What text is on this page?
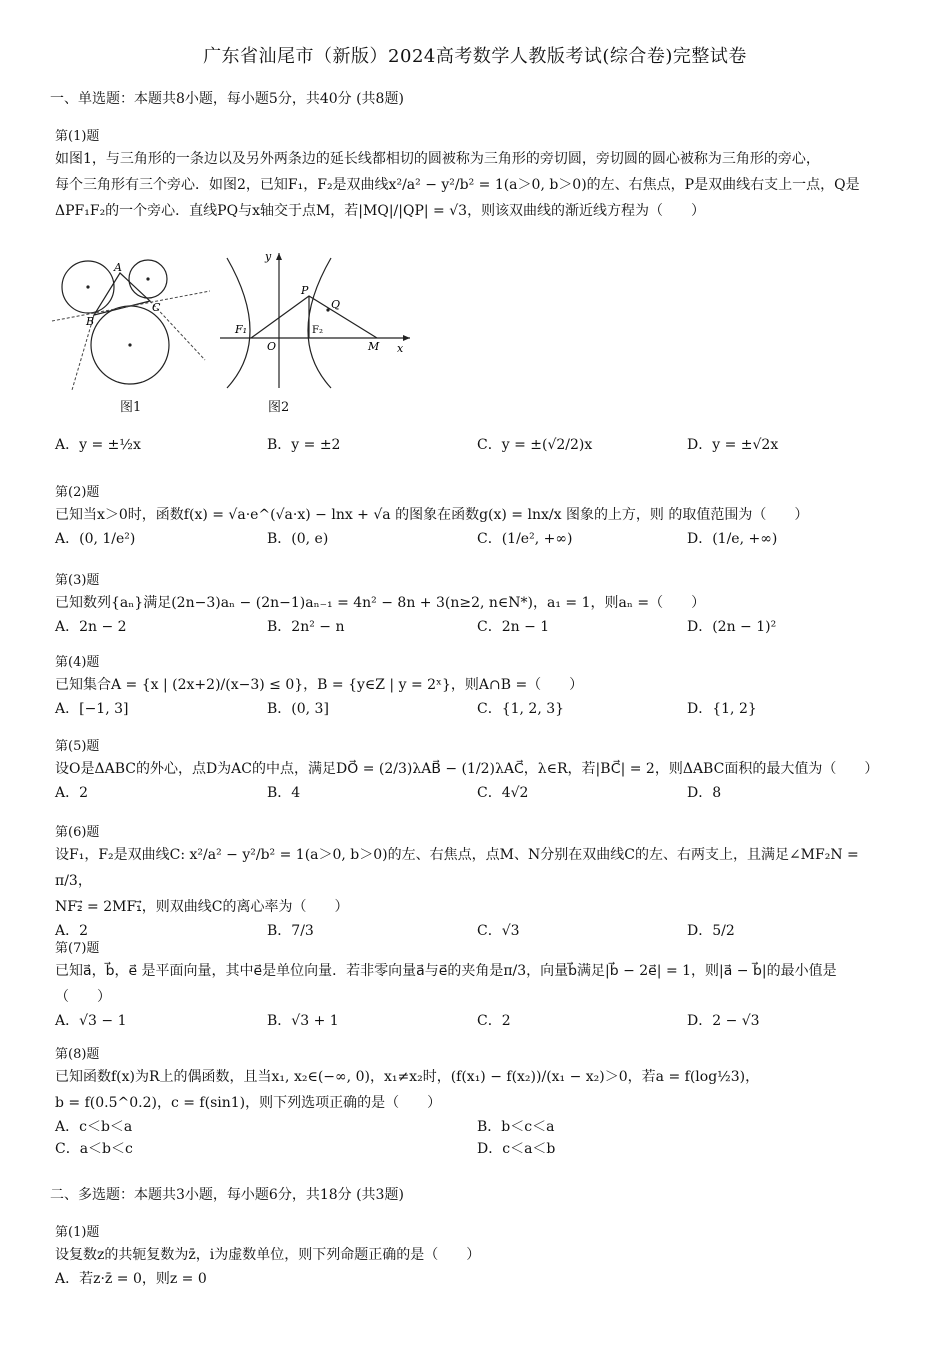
广东省汕尾市（新版）2024高考数学人教版考试(综合卷)完整试卷
一、单选题：本题共8小题，每小题5分，共40分 (共8题)
第(1)题
如图1，与三角形的一条边以及另外两条边的延长线都相切的圆被称为三角形的旁切圆，旁切圆的圆心被称为三角形的旁心，
每个三角形有三个旁心．如图2，已知F₁，F₂是双曲线x²/a² − y²/b² = 1(a＞0, b＞0)的左、右焦点，P是双曲线右支上一点，Q是
ΔPF₁F₂的一个旁心．直线PQ与x轴交于点M，若|MQ|/|QP| = √3，则该双曲线的渐近线方程为（　　）
A
B
C
图1
P
Q
F₁	F₂
O	M x
y
图2
A．y = ±½x	B．y = ±2	C．y = ±(√2/2)x	D．y = ±√2x
第(2)题
已知当x＞0时，函数f(x) = √a·e^(√a·x) − lnx + √a 的图象在函数g(x) = lnx/x 图象的上方，则 的取值范围为（　　）
A．(0, 1/e²)	B．(0, e)	C．(1/e², +∞)	D．(1/e, +∞)
第(3)题
已知数列{aₙ}满足(2n−3)aₙ − (2n−1)aₙ₋₁ = 4n² − 8n + 3(n≥2, n∈N*)，a₁ = 1，则aₙ =（　　）
A．2n − 2	B．2n² − n	C．2n − 1	D．(2n − 1)²
第(4)题
已知集合A = {x | (2x+2)/(x−3) ≤ 0}，B = {y∈Z | y = 2ˣ}，则A∩B =（　　）
A．[−1, 3]	B．(0, 3]	C．{1, 2, 3}	D．{1, 2}
第(5)题
设O是ΔABC的外心，点D为AC的中点，满足DO⃗ = (2/3)λAB⃗ − (1/2)λAC⃗，λ∈R，若|BC⃗| = 2，则ΔABC面积的最大值为（　　）
A．2	B．4	C．4√2	D．8
第(6)题
设F₁，F₂是双曲线C: x²/a² − y²/b² = 1(a＞0, b＞0)的左、右焦点，点M、N分别在双曲线C的左、右两支上，且满足∠MF₂N = π/3，
NF₂⃗ = 2MF₁⃗，则双曲线C的离心率为（　　）
A．2	B．7/3	C．√3	D．5/2
第(7)题
已知a⃗，b⃗，e⃗ 是平面向量，其中e⃗是单位向量．若非零向量a⃗与e⃗的夹角是π/3，向量b⃗满足|b⃗ − 2e⃗| = 1，则|a⃗ − b⃗|的最小值是
（　　）
A．√3 − 1	B．√3 + 1	C．2	D．2 − √3
第(8)题
已知函数f(x)为R上的偶函数，且当x₁, x₂∈(−∞, 0)，x₁≠x₂时，(f(x₁) − f(x₂))/(x₁ − x₂)＞0，若a = f(log½3)，
b = f(0.5^0.2)，c = f(sin1)，则下列选项正确的是（　　）
A．c＜b＜a	B．b＜c＜a
C．a＜b＜c	D．c＜a＜b
二、多选题：本题共3小题，每小题6分，共18分 (共3题)
第(1)题
设复数z的共轭复数为z̄，i为虚数单位，则下列命题正确的是（　　）
A．若z·z̄ = 0，则z = 0
